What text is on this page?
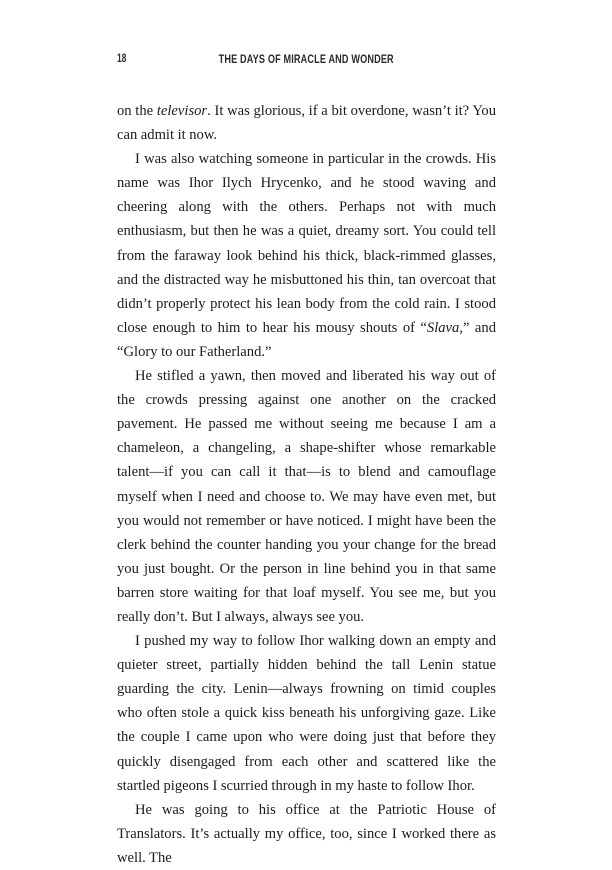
18	THE DAYS OF MIRACLE AND WONDER

on the televisor. It was glorious, if a bit overdone, wasn’t it? You can admit it now.

I was also watching someone in particular in the crowds. His name was Ihor Ilych Hrycenko, and he stood waving and cheering along with the others. Perhaps not with much enthusiasm, but then he was a quiet, dreamy sort. You could tell from the faraway look behind his thick, black-rimmed glasses, and the distracted way he misbuttoned his thin, tan overcoat that didn’t properly protect his lean body from the cold rain. I stood close enough to him to hear his mousy shouts of “Slava,” and “Glory to our Fatherland.”

He stifled a yawn, then moved and liberated his way out of the crowds pressing against one another on the cracked pavement. He passed me without seeing me because I am a chameleon, a changeling, a shape-shifter whose remarkable talent—if you can call it that—is to blend and camouflage myself when I need and choose to. We may have even met, but you would not remember or have noticed. I might have been the clerk behind the counter handing you your change for the bread you just bought. Or the person in line behind you in that same barren store waiting for that loaf myself. You see me, but you really don’t. But I always, always see you.

I pushed my way to follow Ihor walking down an empty and quieter street, partially hidden behind the tall Lenin statue guarding the city. Lenin—always frowning on timid couples who often stole a quick kiss beneath his unforgiving gaze. Like the couple I came upon who were doing just that before they quickly disengaged from each other and scattered like the startled pigeons I scurried through in my haste to follow Ihor.

He was going to his office at the Patriotic House of Translators. It’s actually my office, too, since I worked there as well. The
